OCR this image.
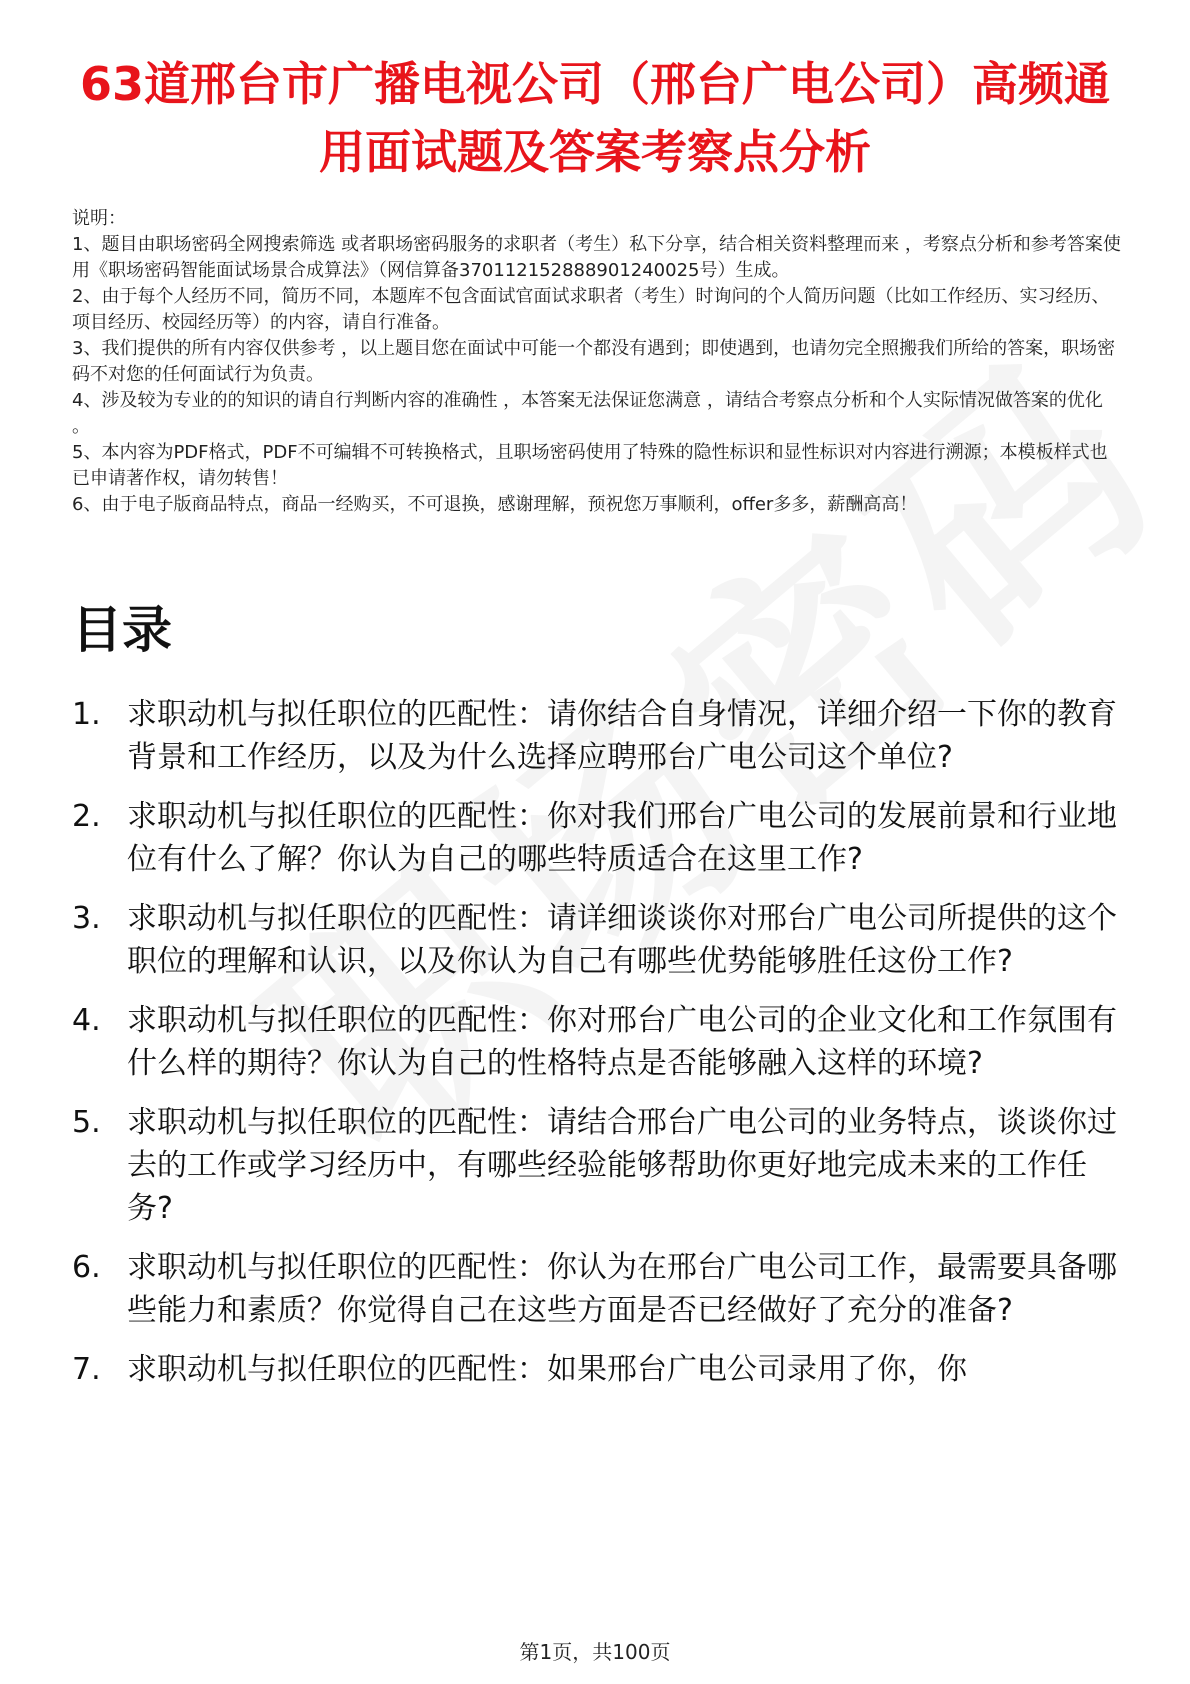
63道邢台市广播电视公司（邢台广电公司）高频通用面试题及答案考察点分析

说明：

1、题目由职场密码全网搜索筛选 或者职场密码服务的求职者（考生）私下分享，结合相关资料整理而来 ，考察点分析和参考答案使用《职场密码智能面试场景合成算法》（网信算备370112152888901240025号）生成。

2、由于每个人经历不同，简历不同，本题库不包含面试官面试求职者（考生）时询问的个人简历问题（比如工作经历、实习经历、项目经历、校园经历等）的内容，请自行准备。

3、我们提供的所有内容仅供参考 ，以上题目您在面试中可能一个都没有遇到；即使遇到，也请勿完全照搬我们所给的答案，职场密码不对您的任何面试行为负责。

4、涉及较为专业的的知识的请自行判断内容的准确性 ，本答案无法保证您满意 ，请结合考察点分析和个人实际情况做答案的优化 。

5、本内容为PDF格式，PDF不可编辑不可转换格式，且职场密码使用了特殊的隐性标识和显性标识对内容进行溯源；本模板样式也已申请著作权，请勿转售！

6、由于电子版商品特点，商品一经购买，不可退换，感谢理解，预祝您万事顺利，offer多多，薪酬高高！

目录
1. 求职动机与拟任职位的匹配性：请你结合自身情况，详细介绍一下你的教育背景和工作经历，以及为什么选择应聘邢台广电公司这个单位?
2. 求职动机与拟任职位的匹配性：你对我们邢台广电公司的发展前景和行业地位有什么了解？你认为自己的哪些特质适合在这里工作?
3. 求职动机与拟任职位的匹配性：请详细谈谈你对邢台广电公司所提供的这个职位的理解和认识，以及你认为自己有哪些优势能够胜任这份工作?
4. 求职动机与拟任职位的匹配性：你对邢台广电公司的企业文化和工作氛围有什么样的期待？你认为自己的性格特点是否能够融入这样的环境?
5. 求职动机与拟任职位的匹配性：请结合邢台广电公司的业务特点，谈谈你过去的工作或学习经历中，有哪些经验能够帮助你更好地完成未来的工作任务?
6. 求职动机与拟任职位的匹配性：你认为在邢台广电公司工作，最需要具备哪些能力和素质？你觉得自己在这些方面是否已经做好了充分的准备?
7. 求职动机与拟任职位的匹配性：如果邢台广电公司录用了你，你
第1页，共100页
